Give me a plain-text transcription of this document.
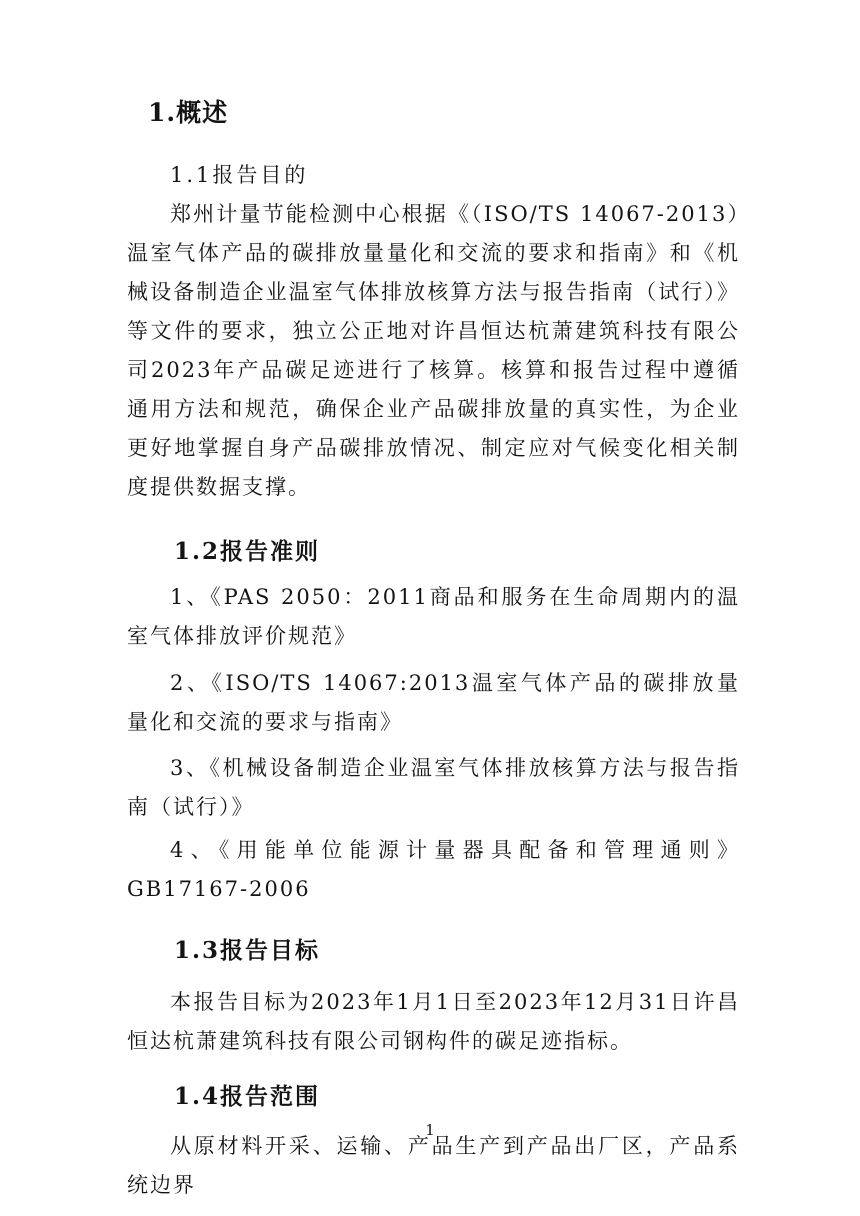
1.概述

1.1报告目的

郑州计量节能检测中心根据《（ISO/TS 14067-2013）温室气体产品的碳排放量量化和交流的要求和指南》和《机械设备制造企业温室气体排放核算方法与报告指南（试行）》等文件的要求，独立公正地对许昌恒达杭萧建筑科技有限公司2023年产品碳足迹进行了核算。核算和报告过程中遵循通用方法和规范，确保企业产品碳排放量的真实性，为企业更好地掌握自身产品碳排放情况、制定应对气候变化相关制度提供数据支撑。

1.2报告准则

1、《PAS 2050：2011商品和服务在生命周期内的温室气体排放评价规范》

2、《ISO/TS 14067:2013温室气体产品的碳排放量量化和交流的要求与指南》

3、《机械设备制造企业温室气体排放核算方法与报告指南（试行）》

4、《用能单位能源计量器具配备和管理通则》GB17167-2006

1.3报告目标

本报告目标为2023年1月1日至2023年12月31日许昌恒达杭萧建筑科技有限公司钢构件的碳足迹指标。

1.4报告范围

从原材料开采、运输、产品生产到产品出厂区，产品系统边界

1
